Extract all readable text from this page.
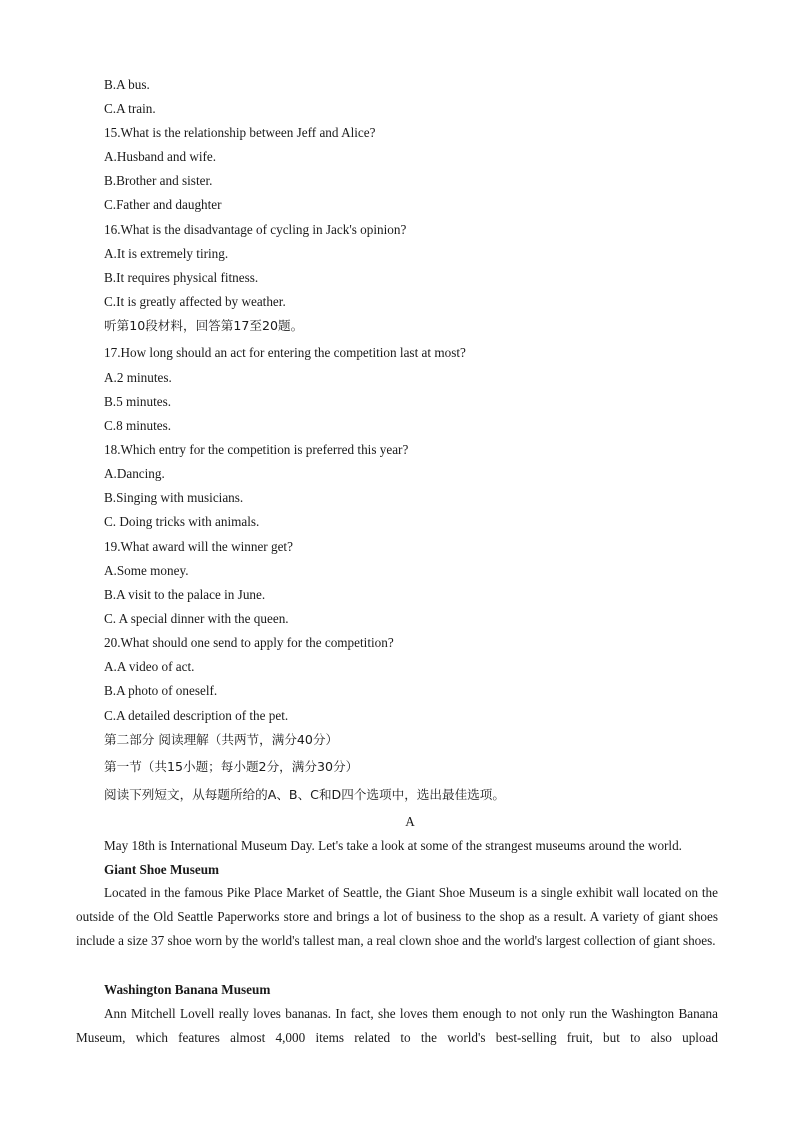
B.A bus.
C.A train.
15.What is the relationship between Jeff and Alice?
A.Husband and wife.
B.Brother and sister.
C.Father and daughter
16.What is the disadvantage of cycling in Jack's opinion?
A.It is extremely tiring.
B.It requires physical fitness.
C.It is greatly affected by weather.
听第10段材料，回答第17至20题。
17.How long should an act for entering the competition last at most?
A.2 minutes.
B.5 minutes.
C.8 minutes.
18.Which entry for the competition is preferred this year?
A.Dancing.
B.Singing with musicians.
C. Doing tricks with animals.
19.What award will the winner get?
A.Some money.
B.A visit to the palace in June.
C. A special dinner with the queen.
20.What should one send to apply for the competition?
A.A video of act.
B.A photo of oneself.
C.A detailed description of the pet.
第二部分 阅读理解（共两节，满分40分）
第一节（共15小题；每小题2分，满分30分）
阅读下列短文，从每题所给的A、B、C和D四个选项中，选出最佳选项。
A
May 18th is International Museum Day. Let's take a look at some of the strangest museums around the world.
Giant Shoe Museum
Located in the famous Pike Place Market of Seattle, the Giant Shoe Museum is a single exhibit wall located on the outside of the Old Seattle Paperworks store and brings a lot of business to the shop as a result. A variety of giant shoes include a size 37 shoe worn by the world's tallest man, a real clown shoe and the world's largest collection of giant shoes.
Washington Banana Museum
Ann Mitchell Lovell really loves bananas. In fact, she loves them enough to not only run the Washington Banana Museum, which features almost 4,000 items related to the world's best-selling fruit, but to also upload
